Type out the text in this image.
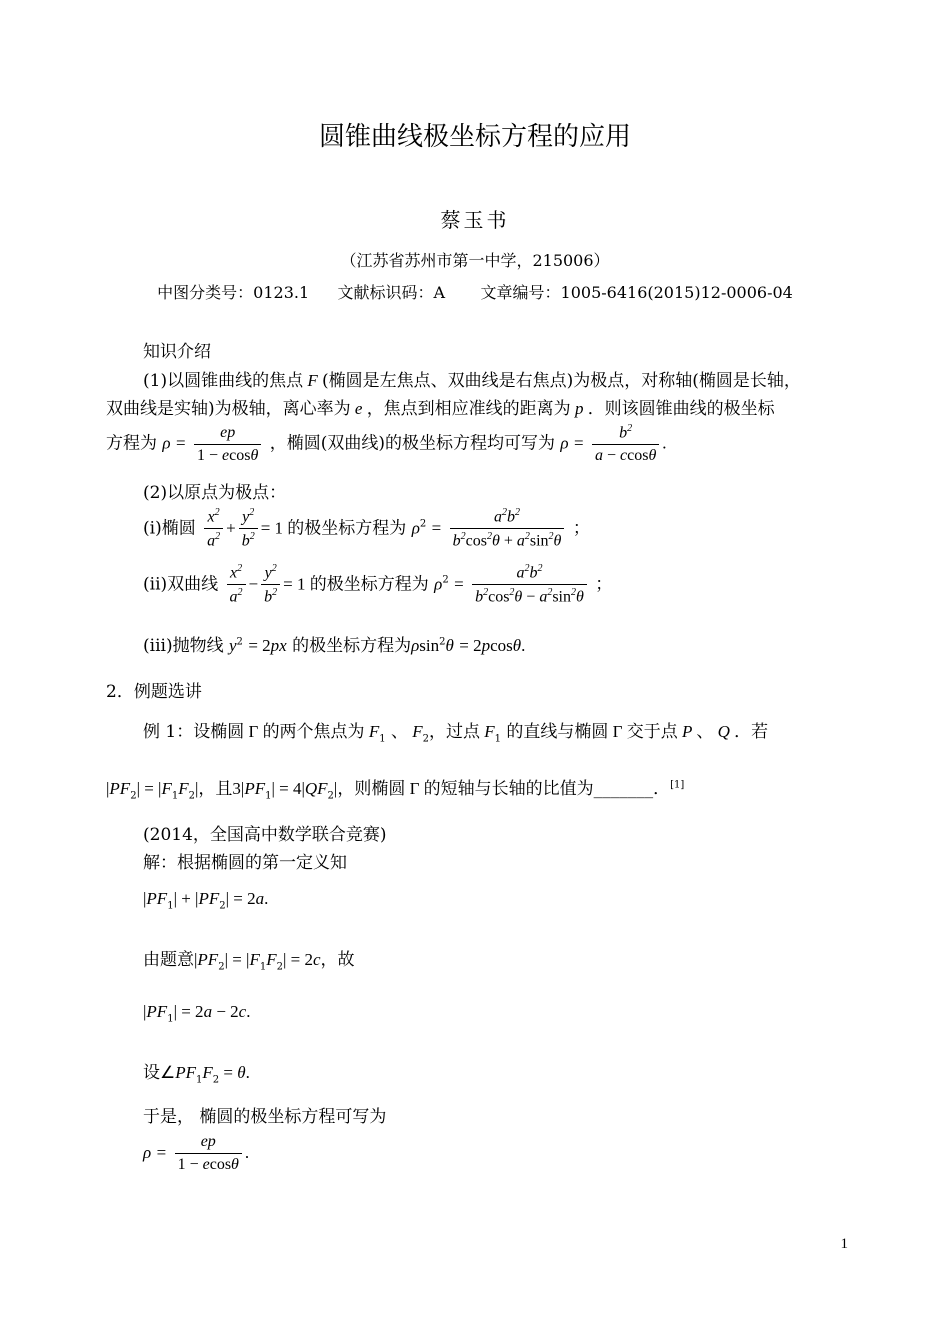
圆锥曲线极坐标方程的应用
蔡玉书
（江苏省苏州市第一中学，215006）
中图分类号：0123.1 文献标识码：A 文章编号：1005-6416(2015)12-0006-04
知识介绍
(1)以圆锥曲线的焦点 F (椭圆是左焦点、双曲线是右焦点)为极点，对称轴(椭圆是长轴，
双曲线是实轴)为极轴，离心率为 e ，焦点到相应准线的距离为 p ．则该圆锥曲线的极坐标
方程为 $\rho = \frac{ep}{1 - ecos\theta}$ ，椭圆(双曲线)的极坐标方程均可写为 $\rho = \frac{b^2}{a - ccos\theta}$ .
(2)以原点为极点：
(i)椭圆 $\frac{x^2}{a^2} + \frac{y^2}{b^2} = 1$ 的极坐标方程为 $\rho^2 = \frac{a^2b^2}{b^2\cos^2\theta + a^2\sin^2\theta}$ ；
(ii)双曲线 $\frac{x^2}{a^2} - \frac{y^2}{b^2} = 1$ 的极坐标方程为 $\rho^2 = \frac{a^2b^2}{b^2\cos^2\theta - a^2\sin^2\theta}$ ；
(iii)抛物线 $y^2 = 2px$ 的极坐标方程为ρsin$^2$θ = 2pcosθ.
2．例题选讲
例 1：设椭圆 Γ 的两个焦点为 $F_1$ 、 $F_2$，过点 $F_1$ 的直线与椭圆 Γ 交于点 P 、 Q ．若
$|PF_2| = |F_1F_2|$，且$3|PF_1| = 4|QF_2|$，则椭圆 Γ 的短轴与长轴的比值为_______．[1]
(2014，全国高中数学联合竞赛)
解：根据椭圆的第一定义知
$|PF_1| + |PF_2| = 2a$.
由题意$|PF_2| = |F_1F_2| = 2c$，故
$|PF_1| = 2a - 2c$.
设$\angle PF_1F_2 = \theta$.
于是， 椭圆的极坐标方程可写为
$\rho = \frac{ep}{1 - ecos\theta}$ .
1
